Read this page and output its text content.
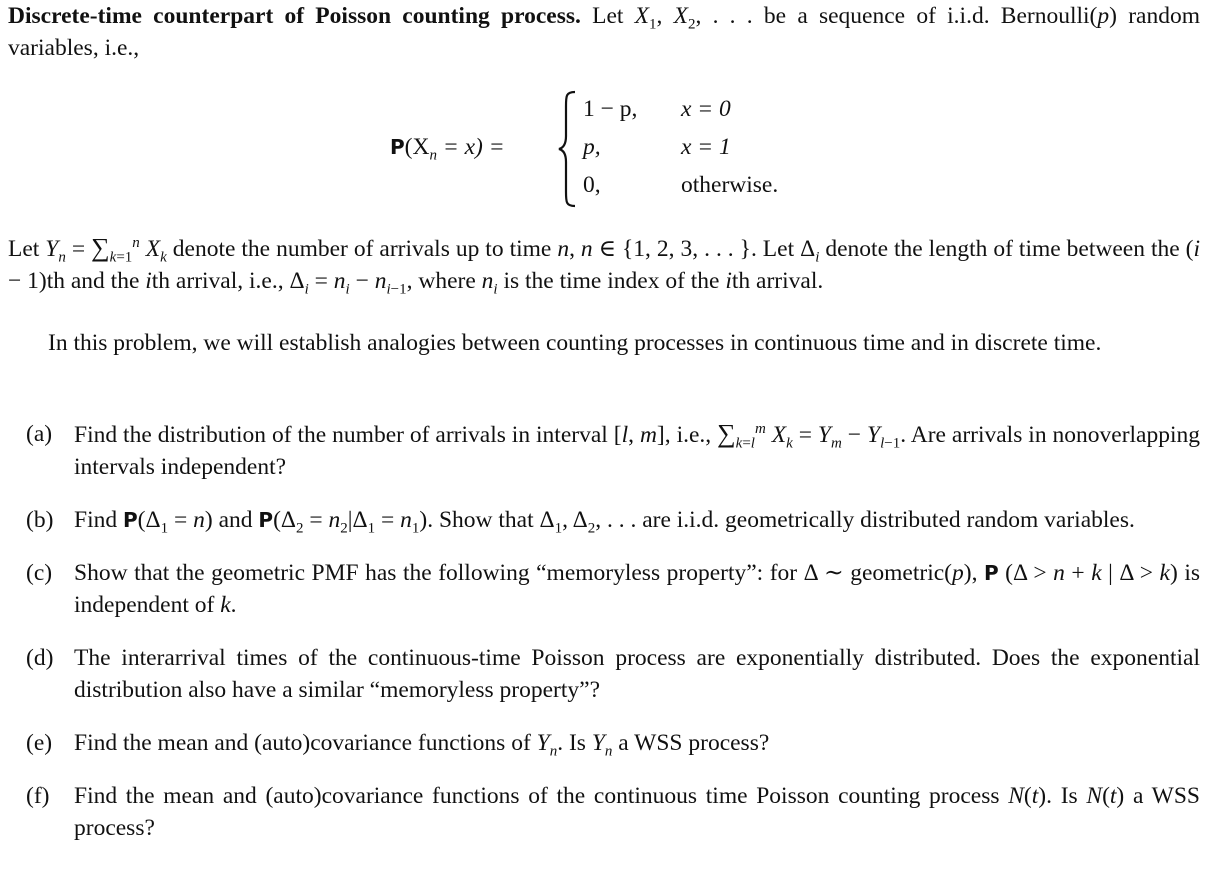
Discrete-time counterpart of Poisson counting process. Let $X_1$, $X_2$, . . . be a sequence of i.i.d. Bernoulli(p) random variables, i.e.,

$P(X_n = x)$ =
1 − p, x = 0
p,	x = 1
0,	otherwise.

Let $Y_n = \sum_{k=1}^n$ $X_k$ denote the number of arrivals up to time n, n ∈ {1, 2, 3, . . . }. Let $\Delta_i$ denote the length of time between the (i − 1)th and the ith arrival, i.e., $\Delta_i = n_i - n_{i-1}$, where $n_i$ is the time index of the ith arrival.

In this problem, we will establish analogies between counting processes in continuous time and in discrete time.

(a) Find the distribution of the number of arrivals in interval [l, m], i.e., $\sum_{k=l}^m$ $X_k = Y_m - Y_{l-1}$. Are arrivals in nonoverlapping intervals independent?
(b) Find $P(\Delta_1 = n)$ and $P(\Delta_2 = n_2|\Delta_1 = n_1)$. Show that $\Delta_1$, $\Delta_2$, . . . are i.i.d. geometrically distributed random variables.
(c) Show that the geometric PMF has the following “memoryless property”: for Δ ∼ geometric(p), P (Δ > n + k | Δ > k) is independent of k.
(d) The interarrival times of the continuous-time Poisson process are exponentially distributed. Does the exponential distribution also have a similar “memoryless property”?
(e) Find the mean and (auto)covariance functions of $Y_n$. Is $Y_n$ a WSS process?
(f) Find the mean and (auto)covariance functions of the continuous time Poisson counting process N(t). Is N(t) a WSS process?
